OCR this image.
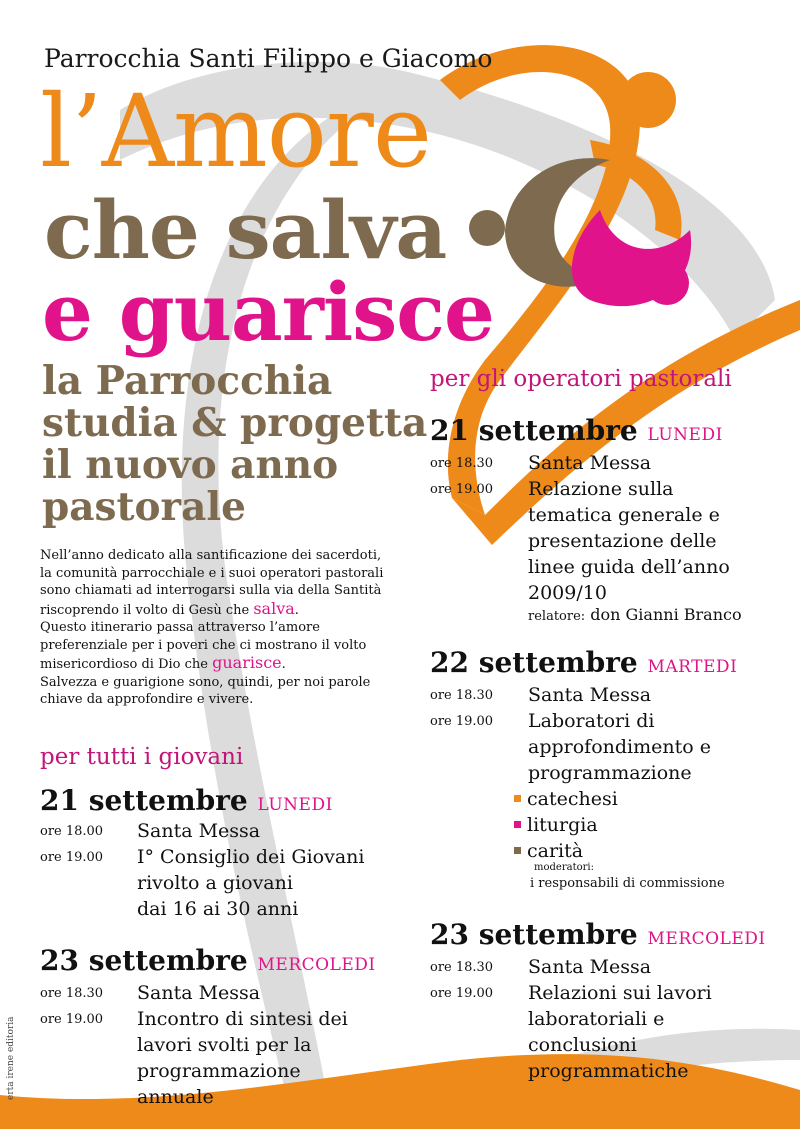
Parrocchia Santi Filippo e Giacomo
l’Amore
che salva
e guarisce
la Parrocchia
studia & progetta
il nuovo anno
pastorale
Nell’anno dedicato alla santificazione dei sacerdoti,
la comunità parrocchiale e i suoi operatori pastorali
sono chiamati ad interrogarsi sulla via della Santità
riscoprendo il volto di Gesù che salva.
Questo itinerario passa attraverso l’amore
preferenziale per i poveri che ci mostrano il volto
misericordioso di Dio che guarisce.
Salvezza e guarigione sono, quindi, per noi parole
chiave da approfondire e vivere.
per tutti i giovani
21 settembre LUNEDI
ore 18.00 Santa Messa
ore 19.00 I° Consiglio dei Giovani
rivolto a giovani
dai 16 ai 30 anni
23 settembre MERCOLEDI
ore 18.30 Santa Messa
ore 19.00 Incontro di sintesi dei
lavori svolti per la
programmazione
annuale
per gli operatori pastorali
21 settembre LUNEDI
ore 18.30 Santa Messa
ore 19.00 Relazione sulla
tematica generale e
presentazione delle
linee guida dell’anno
2009/10
relatore: don Gianni Branco
22 settembre MARTEDI
ore 18.30 Santa Messa
ore 19.00 Laboratori di
approfondimento e
programmazione
catechesi
liturgia
carità
moderatori:
i responsabili di commissione
23 settembre MERCOLEDI
ore 18.30 Santa Messa
ore 19.00 Relazioni sui lavori
laboratoriali e
conclusioni
programmatiche
erta irene editoria
